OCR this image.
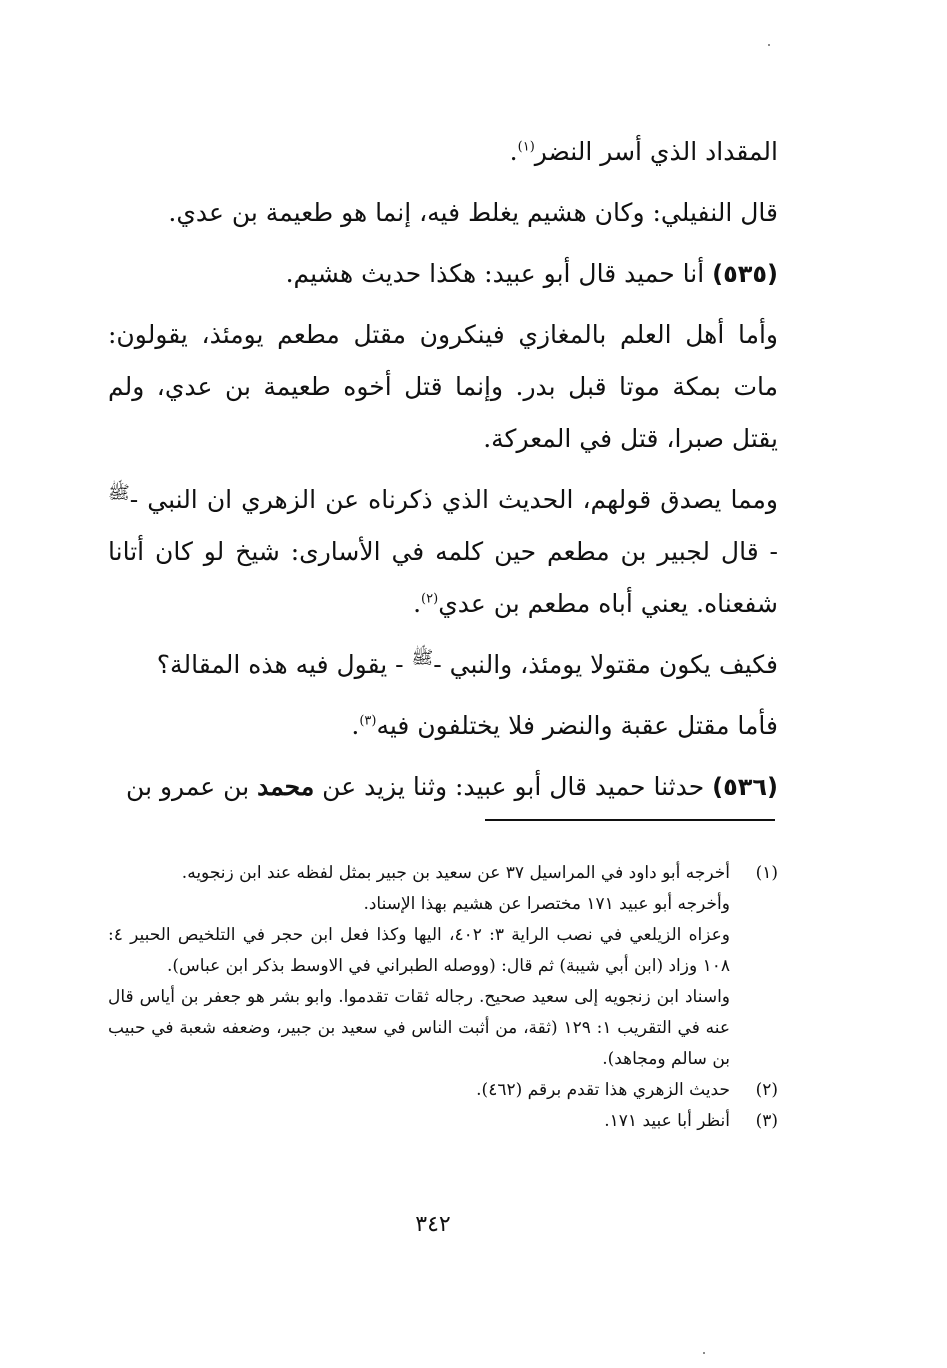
المقداد الذي أسر النضر$^{(١)}$.

قال النفيلي: وكان هشيم يغلط فيه، إنما هو طعيمة بن عدي.

(٥٣٥) أنا حميد قال أبو عبيد: هكذا حديث هشيم.

وأما أهل العلم بالمغازي فينكرون مقتل مطعم يومئذ، يقولون: مات بمكة موتا قبل بدر. وإنما قتل أخوه طعيمة بن عدي، ولم يقتل صبرا، قتل في المعركة.

ومما يصدق قولهم، الحديث الذي ذكرناه عن الزهري ان النبي -$^ﷺ$ - قال لجبير بن مطعم حين كلمه في الأسارى: شيخ لو كان أتانا شفعناه. يعني أباه مطعم بن عدي$^{(٢)}$.

فكيف يكون مقتولا يومئذ، والنبي -$^ﷺ$ - يقول فيه هذه المقالة؟

فأما مقتل عقبة والنضر فلا يختلفون فيه$^{(٣)}$.

(٥٣٦) حدثنا حميد قال أبو عبيد: وثنا يزيد عن محمد بن عمرو بن

(١)
أخرجه أبو داود في المراسيل ٣٧ عن سعيد بن جبير بمثل لفظه عند ابن زنجويه.
وأخرجه أبو عبيد ١٧١ مختصرا عن هشيم بهذا الإسناد.
وعزاه الزيلعي في نصب الراية ٣: ٤٠٢، اليها وكذا فعل ابن حجر في التلخيص الحبير ٤: ١٠٨ وزاد (ابن أبي شيبة) ثم قال: (ووصله الطبراني في الاوسط بذكر ابن عباس).
واسناد ابن زنجويه إلى سعيد صحيح. رجاله ثقات تقدموا. وابو بشر هو جعفر بن أياس قال عنه في التقريب ١: ١٢٩ (ثقة، من أثبت الناس في سعيد بن جبير، وضعفه شعبة في حبيب بن سالم ومجاهد).
(٢)
حديث الزهري هذا تقدم برقم (٤٦٢).
(٣)
أنظر أبا عبيد ١٧١.
٣٤٢
